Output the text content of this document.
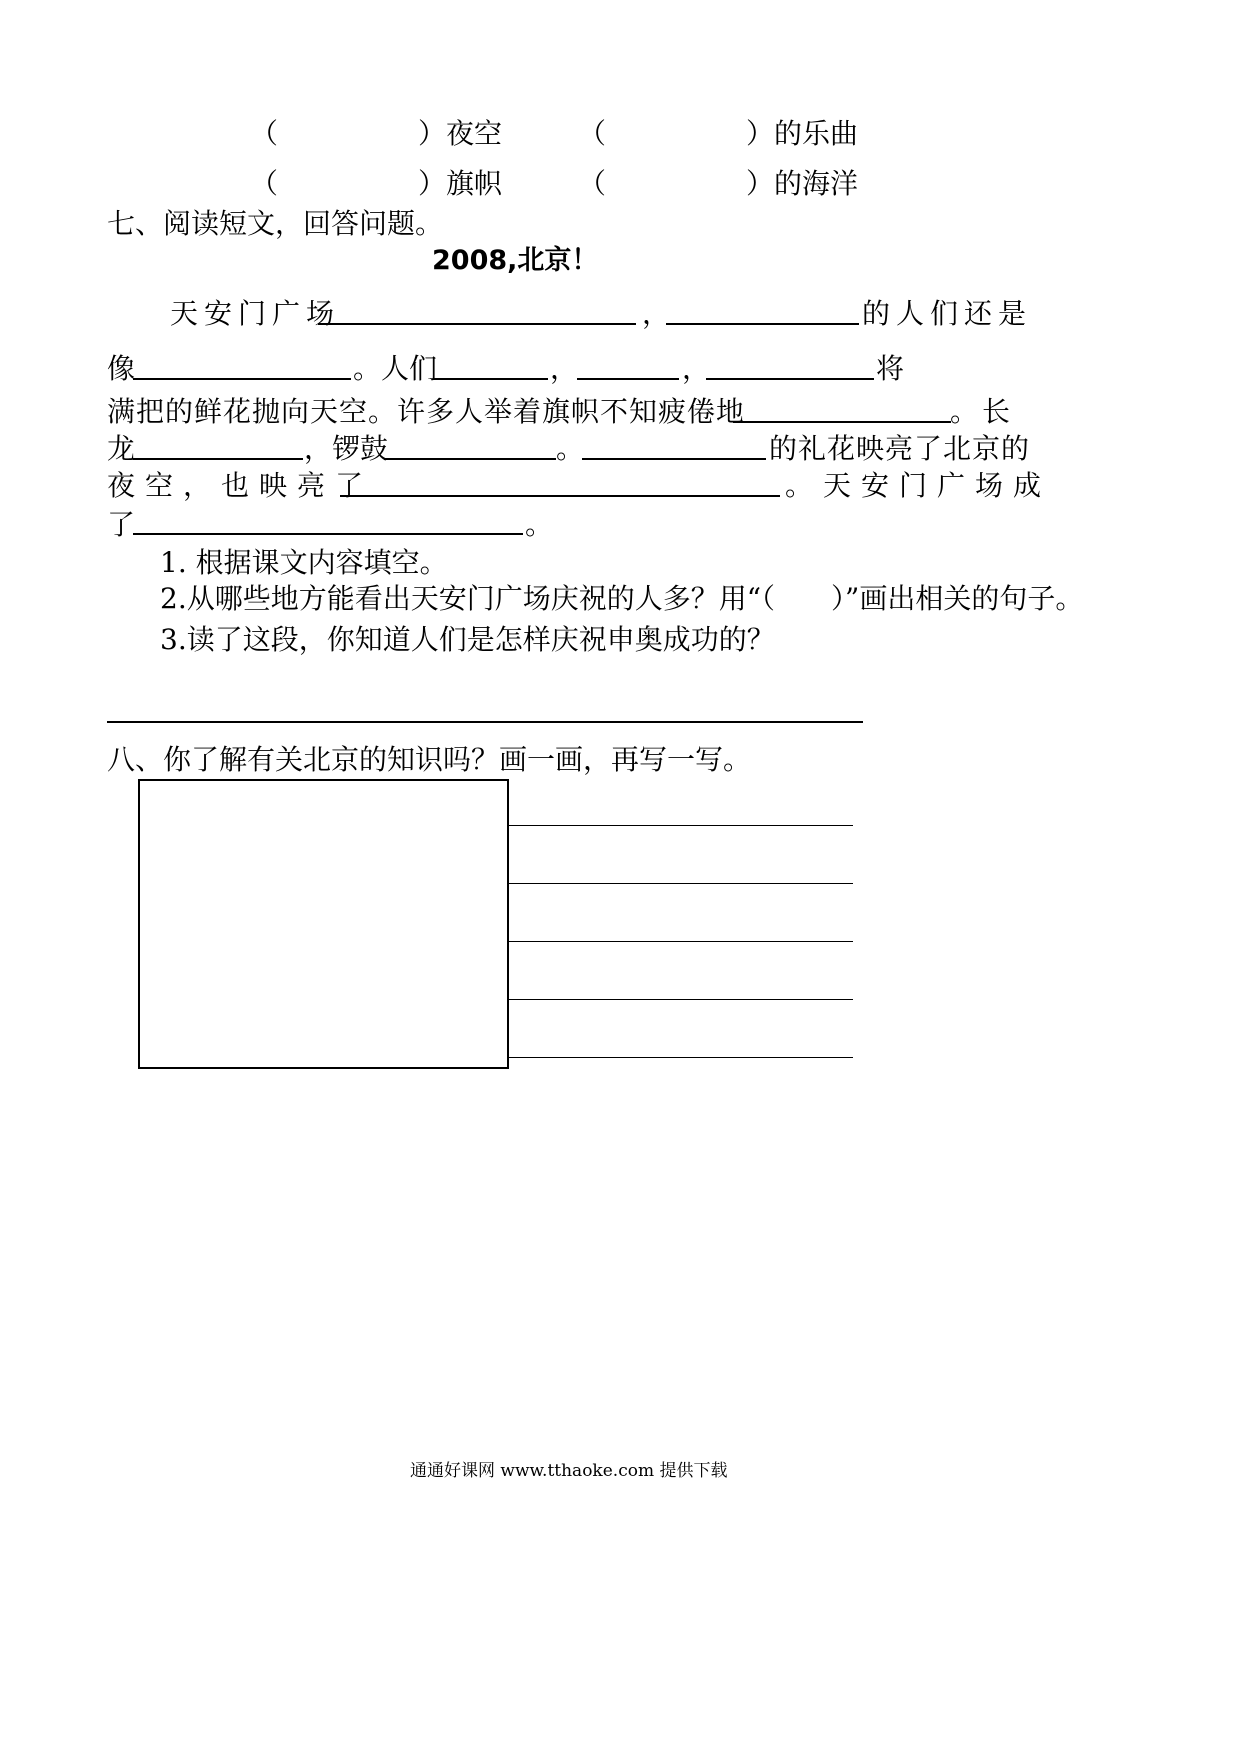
（　　　　　）夜空	（　　　　　）的乐曲
（　　　　　）旗帜	（　　　　　）的海洋
七、阅读短文，回答问题。
2008,北京！
天安门广场	，	的人们还是
像	。人们	，	，	将
满把的鲜花抛向天空。许多人举着旗帜不知疲倦地	。长
龙	，锣鼓	。	的礼花映亮了北京的
夜空，也映亮了	。天安门广场成
了	。
1. 根据课文内容填空。
2.从哪些地方能看出天安门广场庆祝的人多？用“（　　）”画出相关的句子。
3.读了这段，你知道人们是怎样庆祝申奥成功的？
八、你了解有关北京的知识吗？画一画，再写一写。
通通好课网 www.tthaoke.com 提供下载
